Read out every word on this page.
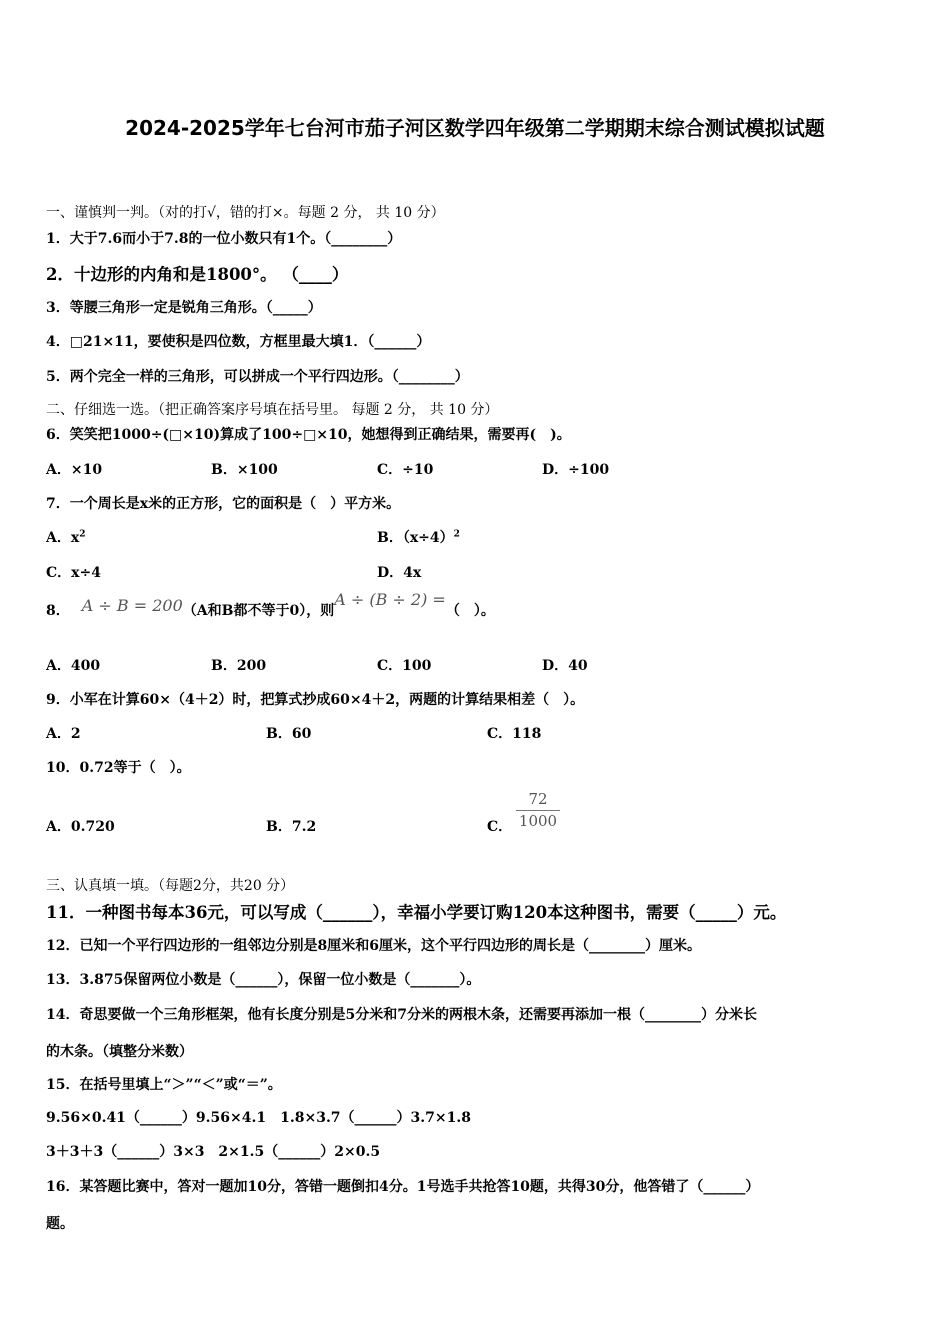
2024-2025学年七台河市茄子河区数学四年级第二学期期末综合测试模拟试题
一、谨慎判一判。（对的打√，错的打×。每题 2 分， 共 10 分）
1．大于7.6而小于7.8的一位小数只有1个。（________）
2．十边形的内角和是1800°。 （____）
3．等腰三角形一定是锐角三角形。（_____）
4．□21×11，要使积是四位数，方框里最大填1．（______）
5．两个完全一样的三角形，可以拼成一个平行四边形。（________）
二、仔细选一选。（把正确答案序号填在括号里。 每题 2 分， 共 10 分）
6．笑笑把1000÷(□×10)算成了100÷□×10，她想得到正确结果，需要再(　)。
A．×10	B．×100	C．÷10	D．÷100
7．一个周长是x米的正方形，它的面积是（　）平方米。
A．$x^2$	B．$(x\div 4)^2$
C．x÷4	D．4x
8． A ÷ B = 200（A和B都不等于0），则A ÷ (B ÷ 2) =（　）。
A．400	B．200	C．100	D．40
9．小军在计算60×（4＋2）时，把算式抄成60×4＋2，两题的计算结果相差（　）。
A．2	B．60	C．118
10．0.72等于（　）。
A．0.720	B．7.2	C． $\frac{72}{1000}$
三、认真填一填。（每题2分，共20 分）
11．一种图书每本36元，可以写成（______），幸福小学要订购120本这种图书，需要（_____）元。
12．已知一个平行四边形的一组邻边分别是8厘米和6厘米，这个平行四边形的周长是（________）厘米。
13．3.875保留两位小数是（______），保留一位小数是（_______）。
14．奇思要做一个三角形框架，他有长度分别是5分米和7分米的两根木条，还需要再添加一根（________）分米长
的木条。（填整分米数）
15．在括号里填上“＞”“＜”或“＝”。
9.56×0.41（______）9.56×4.1　1.8×3.7（______）3.7×1.8
3＋3＋3（______）3×3　2×1.5（______）2×0.5
16．某答题比赛中，答对一题加10分，答错一题倒扣4分。1号选手共抢答10题，共得30分，他答错了（______）
题。
